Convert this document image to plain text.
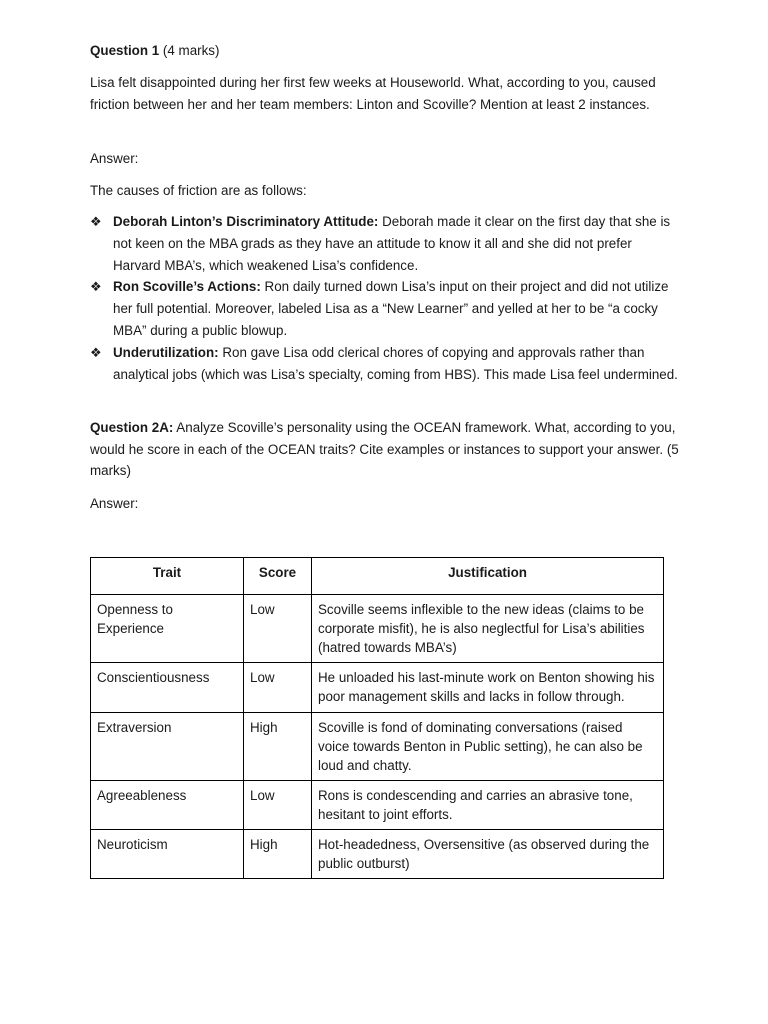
Question 1 (4 marks)

Lisa felt disappointed during her first few weeks at Houseworld. What, according to you, caused friction between her and her team members: Linton and Scoville? Mention at least 2 instances.

Answer:

The causes of friction are as follows:

❖ Deborah Linton’s Discriminatory Attitude: Deborah made it clear on the first day that she is not keen on the MBA grads as they have an attitude to know it all and she did not prefer Harvard MBA’s, which weakened Lisa’s confidence.
❖ Ron Scoville’s Actions: Ron daily turned down Lisa’s input on their project and did not utilize her full potential. Moreover, labeled Lisa as a “New Learner” and yelled at her to be “a cocky MBA” during a public blowup.
❖ Underutilization: Ron gave Lisa odd clerical chores of copying and approvals rather than analytical jobs (which was Lisa’s specialty, coming from HBS). This made Lisa feel undermined.

Question 2A: Analyze Scoville’s personality using the OCEAN framework. What, according to you, would he score in each of the OCEAN traits? Cite examples or instances to support your answer. (5 marks)

Answer:

Trait	Score	Justification
Openness to Experience	Low	Scoville seems inflexible to the new ideas (claims to be corporate misfit), he is also neglectful for Lisa’s abilities (hatred towards MBA’s)
Conscientiousness	Low	He unloaded his last-minute work on Benton showing his poor management skills and lacks in follow through.
Extraversion	High	Scoville is fond of dominating conversations (raised voice towards Benton in Public setting), he can also be loud and chatty.
Agreeableness	Low	Rons is condescending and carries an abrasive tone, hesitant to joint efforts.
Neuroticism	High	Hot-headedness, Oversensitive (as observed during the public outburst)
